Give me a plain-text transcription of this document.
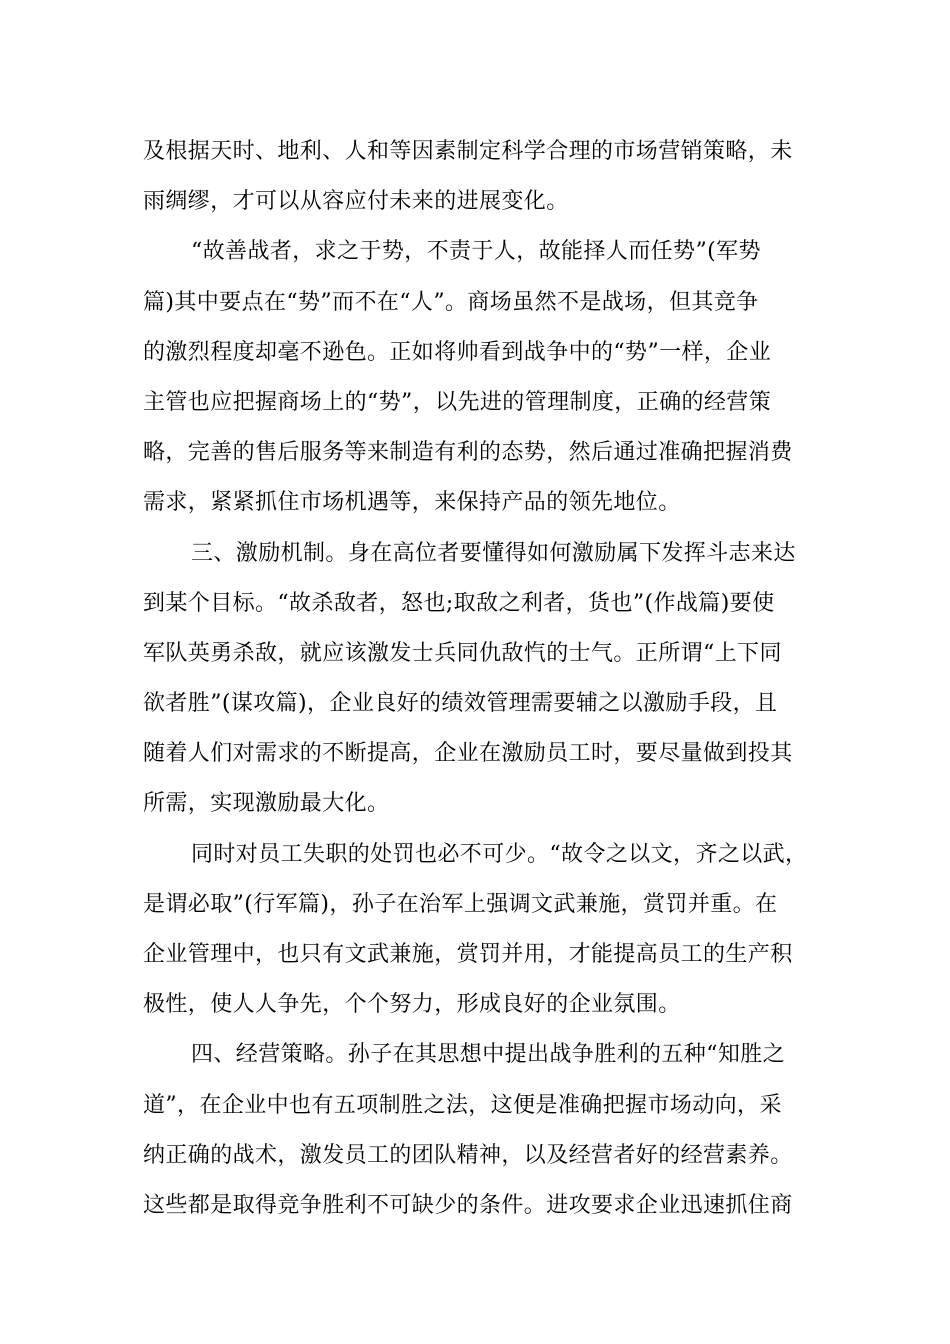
及根据天时、地利、人和等因素制定科学合理的市场营销策略，未
雨绸缪，才可以从容应付未来的进展变化。
“故善战者，求之于势，不责于人，故能择人而任势”(军势
篇)其中要点在“势”而不在“人”。商场虽然不是战场，但其竞争
的激烈程度却毫不逊色。正如将帅看到战争中的“势”一样，企业
主管也应把握商场上的“势”，以先进的管理制度，正确的经营策
略，完善的售后服务等来制造有利的态势，然后通过准确把握消费
需求，紧紧抓住市场机遇等，来保持产品的领先地位。
三、激励机制。身在高位者要懂得如何激励属下发挥斗志来达
到某个目标。“故杀敌者，怒也;取敌之利者，货也”(作战篇)要使
军队英勇杀敌，就应该激发士兵同仇敌忾的士气。正所谓“上下同
欲者胜”(谋攻篇)，企业良好的绩效管理需要辅之以激励手段，且
随着人们对需求的不断提高，企业在激励员工时，要尽量做到投其
所需，实现激励最大化。
同时对员工失职的处罚也必不可少。“故令之以文，齐之以武，
是谓必取”(行军篇)，孙子在治军上强调文武兼施，赏罚并重。在
企业管理中，也只有文武兼施，赏罚并用，才能提高员工的生产积
极性，使人人争先，个个努力，形成良好的企业氛围。
四、经营策略。孙子在其思想中提出战争胜利的五种“知胜之
道”，在企业中也有五项制胜之法，这便是准确把握市场动向，采
纳正确的战术，激发员工的团队精神，以及经营者好的经营素养。
这些都是取得竞争胜利不可缺少的条件。进攻要求企业迅速抓住商
